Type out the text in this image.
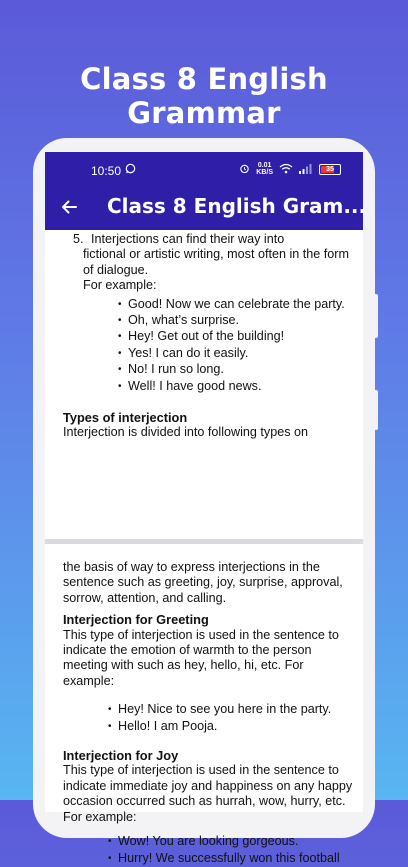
Class 8 English Grammar
10:50	0.01
KB/S	35
Class 8 English Gram...
5. Interjections can find their way into
fictional or artistic writing, most often in the form of dialogue.
For example:
• Good! Now we can celebrate the party.
• Oh, what’s surprise.
• Hey! Get out of the building!
• Yes! I can do it easily.
• No! I run so long.
• Well! I have good news.
Types of interjection
Interjection is divided into following types on
the basis of way to express interjections in the sentence such as greeting, joy, surprise, approval, sorrow, attention, and calling.
Interjection for Greeting
This type of interjection is used in the sentence to indicate the emotion of warmth to the person meeting with such as hey, hello, hi, etc. For example:
• Hey! Nice to see you here in the party.
• Hello! I am Pooja.
Interjection for Joy
This type of interjection is used in the sentence to indicate immediate joy and happiness on any happy occasion occurred such as hurrah, wow, hurry, etc. For example:
• Wow! You are looking gorgeous.
• Hurry! We successfully won this football
